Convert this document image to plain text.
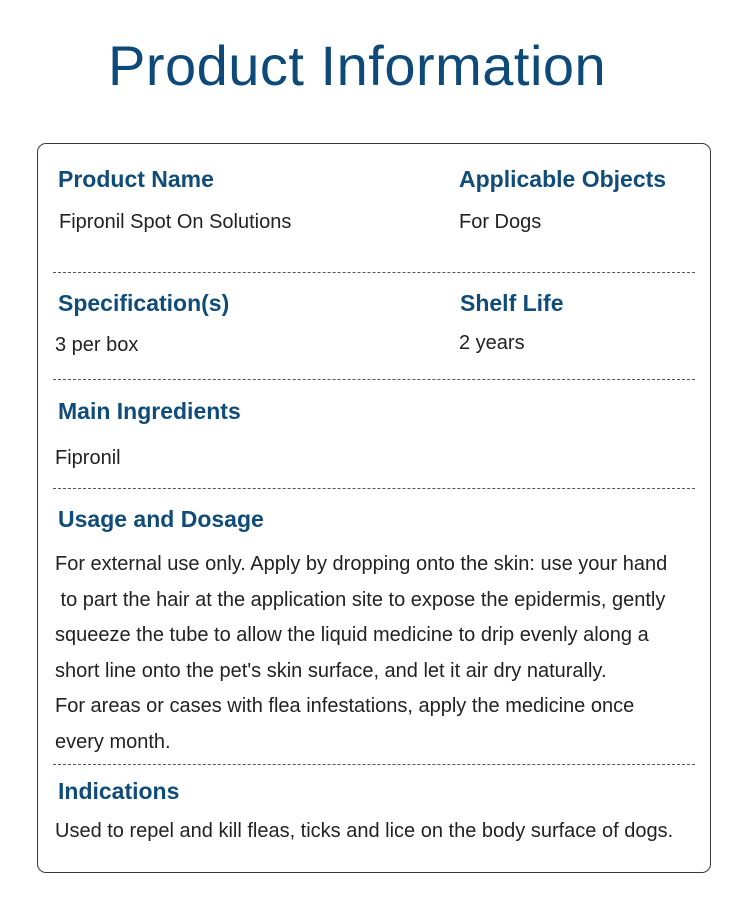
Product Information
Product Name

Fipronil Spot On Solutions

Applicable Objects

For Dogs

Specification(s)

3 per box

Shelf Life

2 years

Main Ingredients

Fipronil

Usage and Dosage

For external use only. Apply by dropping onto the skin: use your hand
to part the hair at the application site to expose the epidermis, gently
squeeze the tube to allow the liquid medicine to drip evenly along a
short line onto the pet's skin surface, and let it air dry naturally.
For areas or cases with flea infestations, apply the medicine once
every month.

Indications

Used to repel and kill fleas, ticks and lice on the body surface of dogs.
